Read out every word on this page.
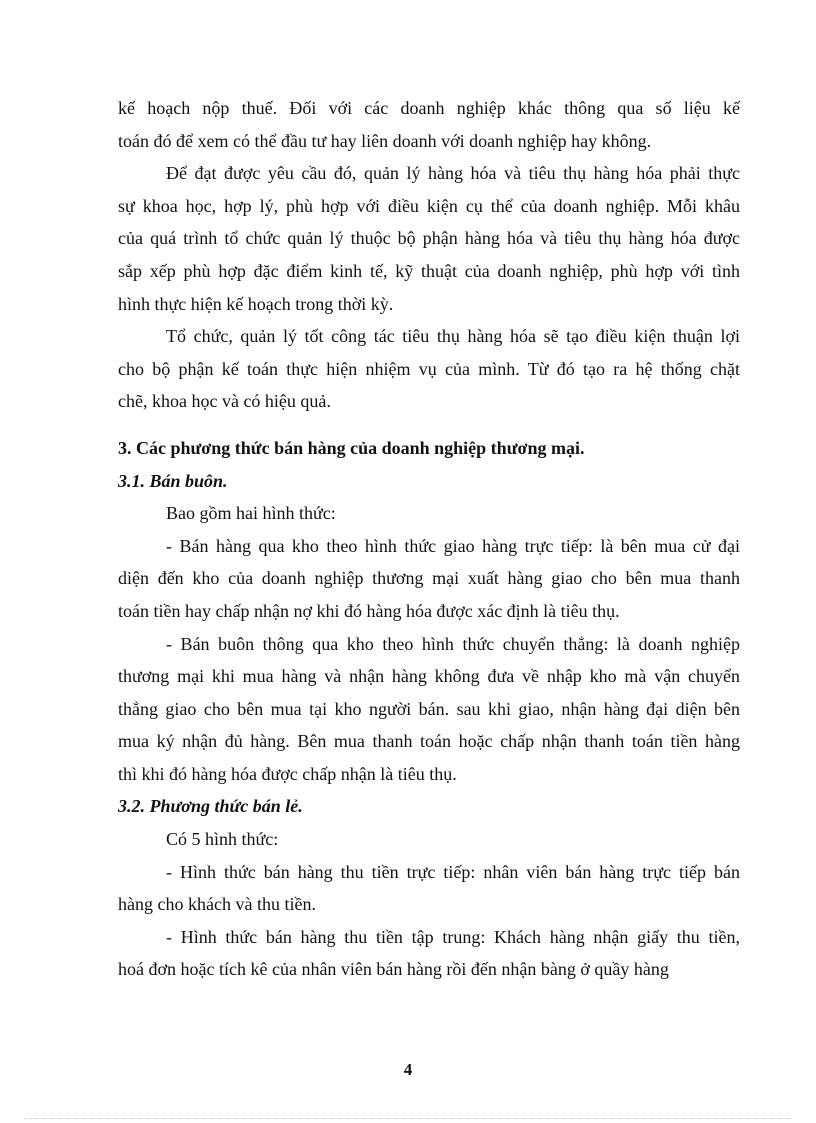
kế hoạch nộp thuế. Đối với các doanh nghiệp khác thông qua số liệu kế
toán đó để xem có thể đầu tư hay liên doanh với doanh nghiệp hay không.
Để đạt được yêu cầu đó, quản lý hàng hóa và tiêu thụ hàng hóa phải thực
sự khoa học, hợp lý, phù hợp với điều kiện cụ thể của doanh nghiệp. Mỗi khâu
của quá trình tổ chức quản lý thuộc bộ phận hàng hóa và tiêu thụ hàng hóa được
sắp xếp phù hợp đặc điểm kinh tế, kỹ thuật của doanh nghiệp, phù hợp với tình
hình thực hiện kế hoạch trong thời kỳ.
Tổ chức, quản lý tốt công tác tiêu thụ hàng hóa sẽ tạo điều kiện thuận lợi
cho bộ phận kế toán thực hiện nhiệm vụ của mình. Từ đó tạo ra hệ thống chặt
chẽ, khoa học và có hiệu quả.
3. Các phương thức bán hàng của doanh nghiệp thương mại.
3.1. Bán buôn.
Bao gồm hai hình thức:
- Bán hàng qua kho theo hình thức giao hàng trực tiếp: là bên mua cử đại
diện đến kho của doanh nghiệp thương mại xuất hàng giao cho bên mua thanh
toán tiền hay chấp nhận nợ khi đó hàng hóa được xác định là tiêu thụ.
- Bán buôn thông qua kho theo hình thức chuyển thẳng: là doanh nghiệp
thương mại khi mua hàng và nhận hàng không đưa về nhập kho mà vận chuyển
thẳng giao cho bên mua tại kho người bán. sau khi giao, nhận hàng đại diện bên
mua ký nhận đủ hàng. Bên mua thanh toán hoặc chấp nhận thanh toán tiền hàng
thì khi đó hàng hóa được chấp nhận là tiêu thụ.
3.2. Phương thức bán lẻ.
Có 5 hình thức:
- Hình thức bán hàng thu tiền trực tiếp: nhân viên bán hàng trực tiếp bán
hàng cho khách và thu tiền.
- Hình thức bán hàng thu tiền tập trung: Khách hàng nhận giấy thu tiền,
hoá đơn hoặc tích kê của nhân viên bán hàng rồi đến nhận bàng ở quầy hàng
4
